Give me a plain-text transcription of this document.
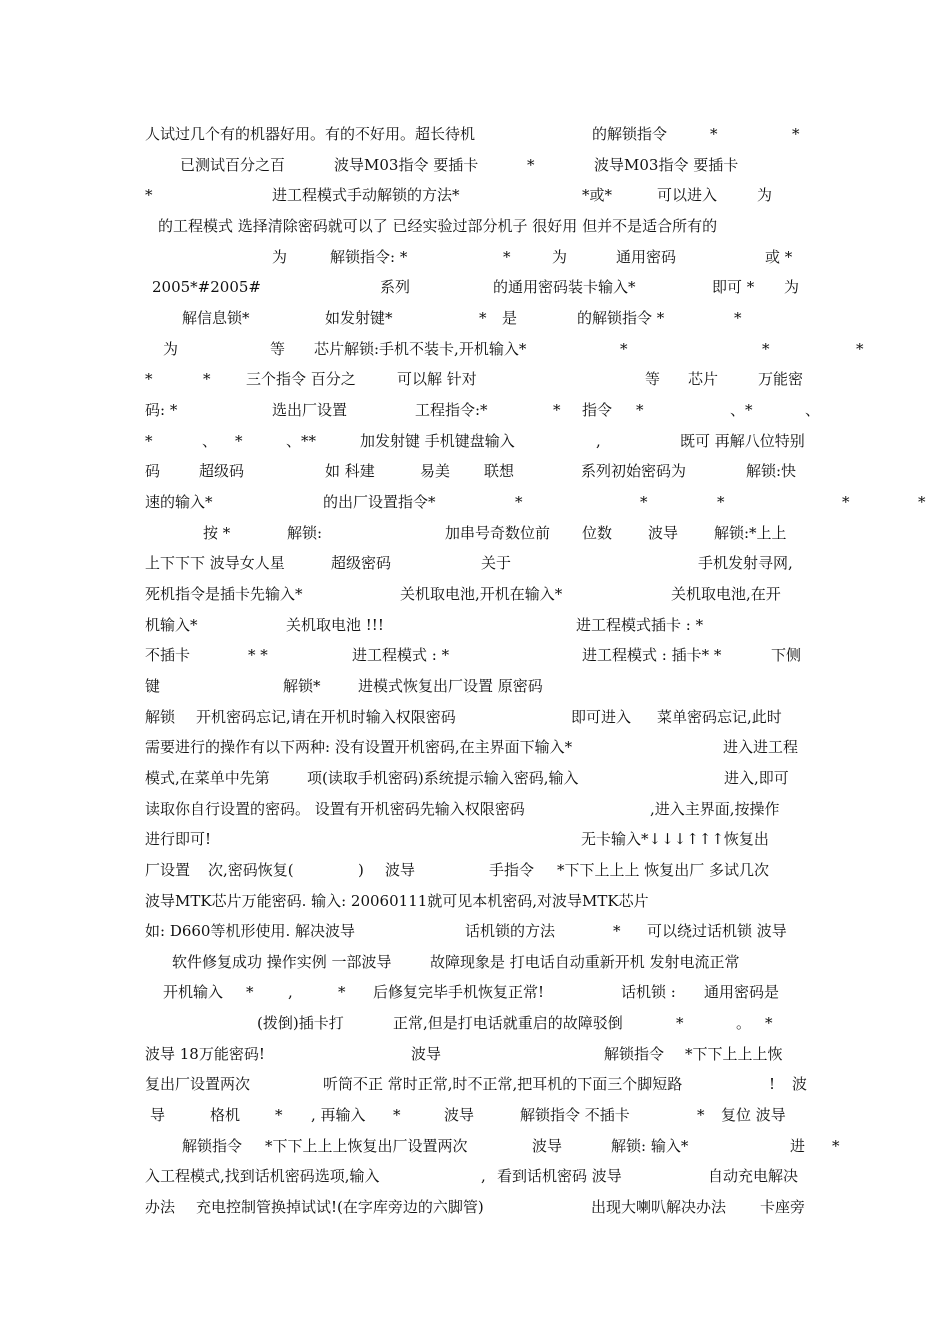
人试过几个有的机器好用。有的不好用。超长待机	的解锁指令	*	*
已测试百分之百	波导M03指令 要插卡	*	波导M03指令 要插卡
*	进工程模式手动解锁的方法*	*或*	可以进入	为
的工程模式 选择清除密码就可以了 已经实验过部分机子 很好用 但并不是适合所有的
为	解锁指令: *	*	为	通用密码	或 *
2005*#2005#	系列	的通用密码装卡输入*	即可 * 为
解信息锁*	如发射键*	* 是	的解锁指令 *	*
为	等 芯片解锁:手机不装卡,开机输入*	*	*	*
*	* 三个指令 百分之	可以解 针对	等 芯片	万能密
码: *	选出厂设置	工程指令:*	* 指令 *	、*	、
*	、 *	、**	加发射键 手机键盘输入	,	既可 再解八位特别
码	超级码	如 科建	易美 联想	系列初始密码为	解锁:快
速的输入*	的出厂设置指令*	*	*	*	*	*
按 *	解锁:	加串号奇数位前 位数 波导 解锁:*上上
上下下下 波导女人星	超级密码	关于	手机发射寻网,
死机指令是插卡先输入*	关机取电池,开机在输入*	关机取电池,在开
机输入*	关机取电池 !!!	进工程模式插卡 : *
不插卡	* *	进工程模式 : *	进工程模式 : 插卡* *	下侧
键	解锁* 进模式恢复出厂设置 原密码
解锁 开机密码忘记,请在开机时输入权限密码	即可进入 菜单密码忘记,此时
需要进行的操作有以下两种: 没有设置开机密码,在主界面下输入*	进入进工程
模式,在菜单中先第 项(读取手机密码)系统提示输入密码,输入	进入,即可
读取你自行设置的密码。 设置有开机密码先输入权限密码	,进入主界面,按操作
进行即可!	无卡输入*↓↓↓↑↑↑恢复出
厂设置 次,密码恢复(	) 波导	手指令 *下下上上上 恢复出厂 多试几次
波导MTK芯片万能密码. 输入: 20060111就可见本机密码,对波导MTK芯片
如: D660等机形使用. 解决波导	话机锁的方法	* 可以绕过话机锁 波导
软件修复成功 操作实例 一部波导	故障现象是 打电话自动重新开机 发射电流正常
开机输入 * ,	* 后修复完毕手机恢复正常!	话机锁 : 通用密码是
(拨倒)插卡打	正常,但是打电话就重启的故障驳倒	*	。 *
波导 18万能密码!	波导	解锁指令 *下下上上上恢
复出厂设置两次	听筒不正 常时正常,时不正常,把耳机的下面三个脚短路	! 波
导	格机 * , 再输入 *	波导	解锁指令 不插卡	* 复位 波导
解锁指令 *下下上上上恢复出厂设置两次	波导	解锁: 输入*	进 *
入工程模式,找到话机密码选项,输入	, 看到话机密码 波导	自动充电解决
办法 充电控制管换掉试试!(在字库旁边的六脚管)	出现大喇叭解决办法 卡座旁
